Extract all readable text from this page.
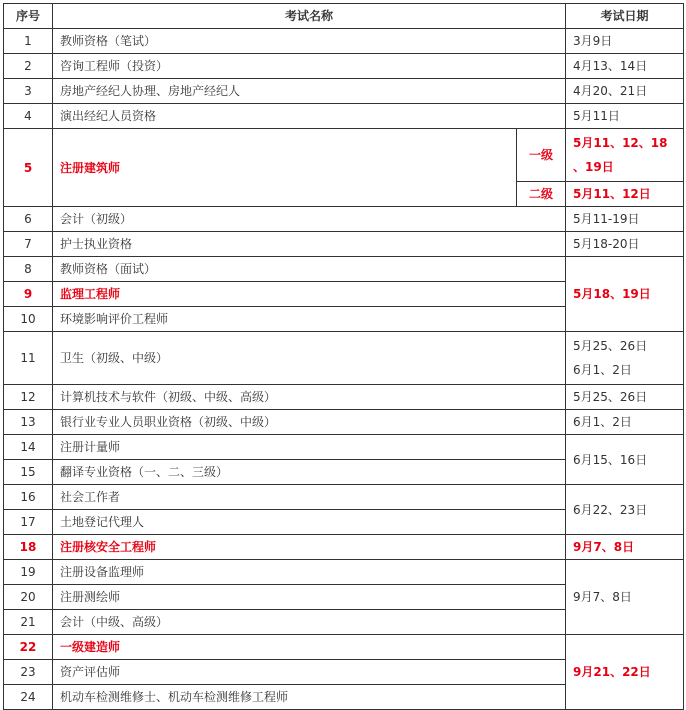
序号	考试名称		考试日期
1	教师资格（笔试）		3月9日
2	咨询工程师（投资）		4月13、14日
3	房地产经纪人协理、房地产经纪人		4月20、21日
4	演出经纪人员资格		5月11日
5	注册建筑师	一级	5月11、12、18
、19日

		二级	5月11、12日
6	会计（初级）		5月11-19日
7	护士执业资格		5月18-20日
8	教师资格（面试）		5月18、19日
9	监理工程师		
10	环境影响评价工程师		
11	卫生（初级、中级）		5月25、26日
6月1、2日

12	计算机技术与软件（初级、中级、高级）		5月25、26日
13	银行业专业人员职业资格（初级、中级）		6月1、2日
14	注册计量师		6月15、16日
15	翻译专业资格（一、二、三级）		
16	社会工作者		6月22、23日
17	土地登记代理人		
18	注册核安全工程师		9月7、8日
19	注册设备监理师		9月7、8日
20	注册测绘师		
21	会计（中级、高级）		
22	一级建造师		9月21、22日
23	资产评估师		
24	机动车检测维修士、机动车检测维修工程师		
